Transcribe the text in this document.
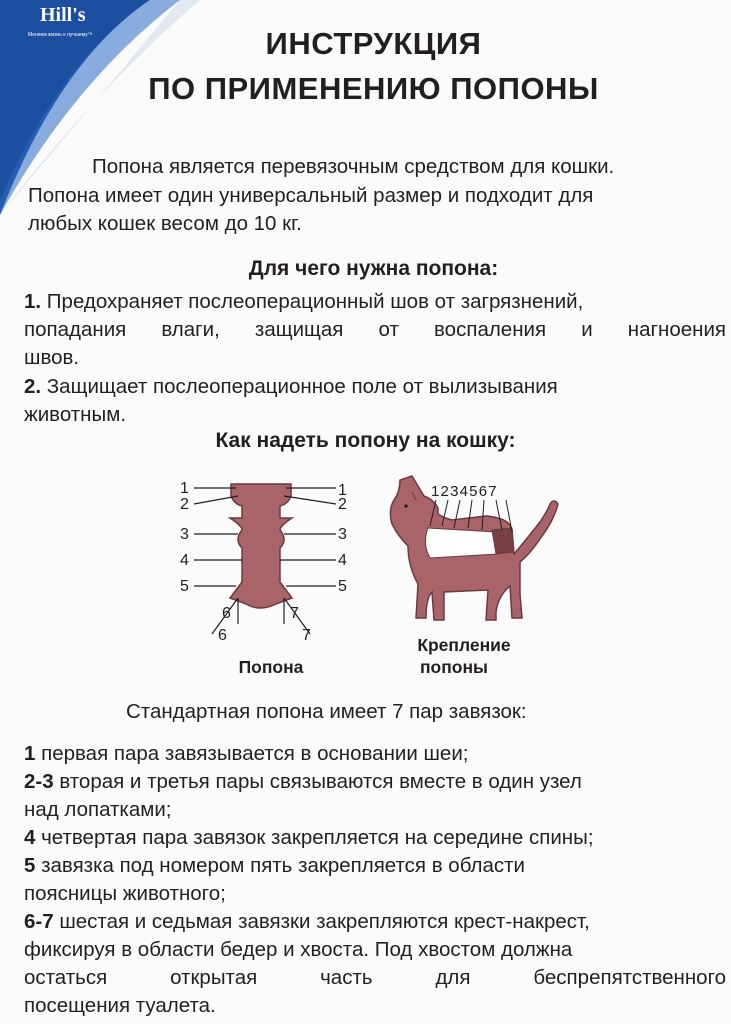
Hill's
Меняем жизнь к лучшему™	ИНСТРУКЦИЯ
ПО ПРИМЕНЕНИЮ ПОПОНЫ
Попона является перевязочным средством для кошки.
Попона имеет один универсальный размер и подходит для
любых кошек весом до 10 кг.
Для чего нужна попона:
1. Предохраняет послеоперационный шов от загрязнений,
попадания влаги, защищая от воспаления и нагноения
швов.
2. Защищает послеоперационное поле от вылизывания
животным.
Как надеть попону на кошку:
1
2
3
4
5
1
2
3
4
5
6	7
6	7
1234567
Попона
Крепление
попоны
Стандартная попона имеет 7 пар завязок:
1 первая пара завязывается в основании шеи;
2-3 вторая и третья пары связываются вместе в один узел
над лопатками;
4 четвертая пара завязок закрепляется на середине спины;
5 завязка под номером пять закрепляется в области
поясницы животного;
6-7 шестая и седьмая завязки закрепляются крест-накрест,
фиксируя в области бедер и хвоста. Под хвостом должна
остаться открытая часть для беспрепятственного
посещения туалета.
